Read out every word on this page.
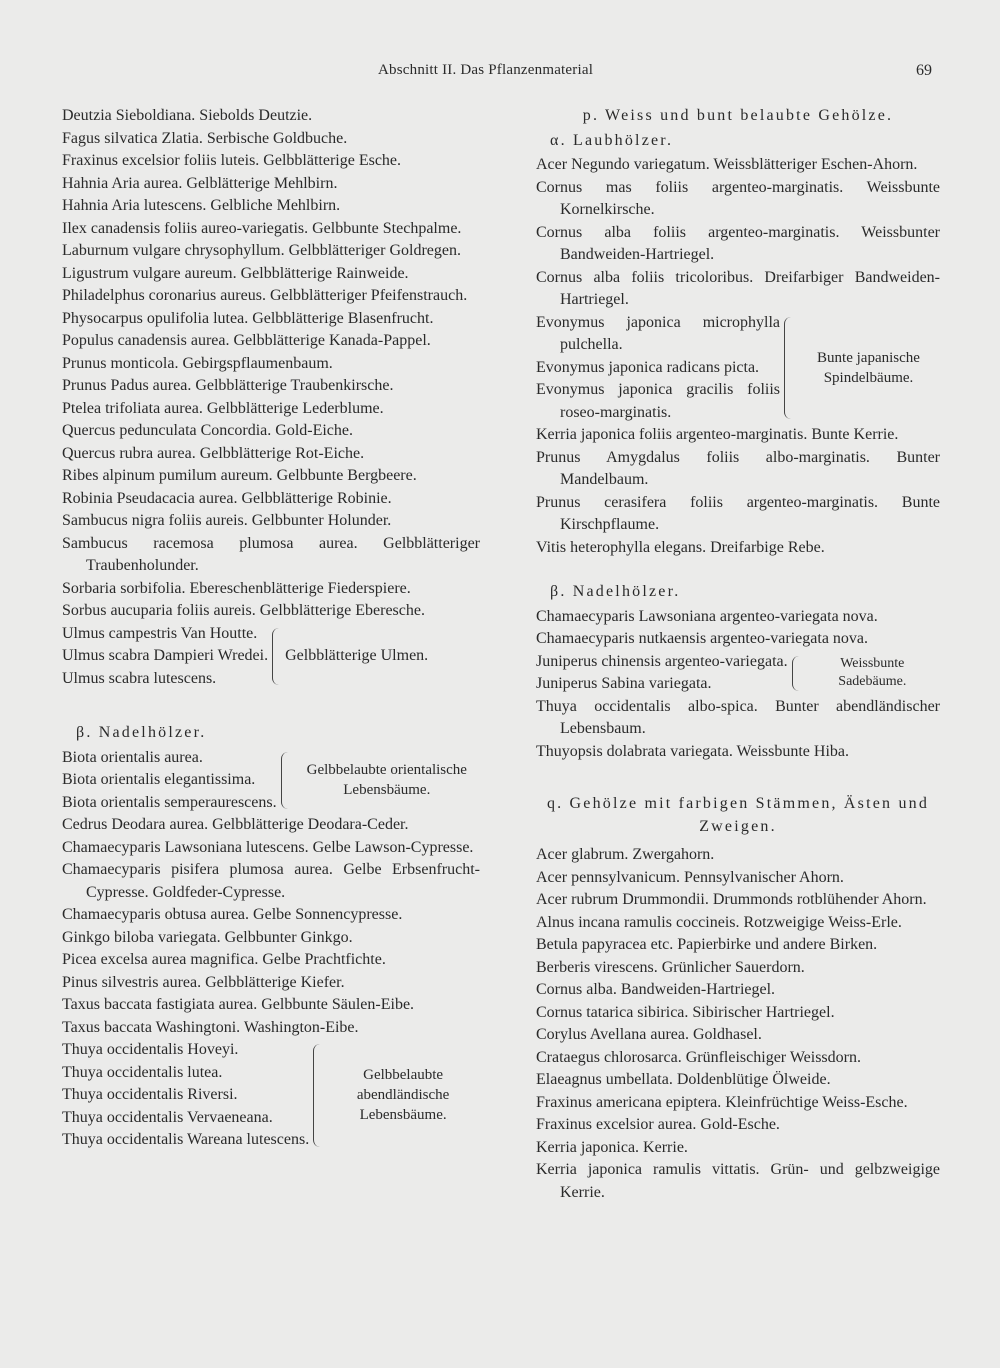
Abschnitt II. Das Pflanzenmaterial	69
Deutzia Sieboldiana. Siebolds Deutzie.
Fagus silvatica Zlatia. Serbische Goldbuche.
Fraxinus excelsior foliis luteis. Gelbblätterige Esche.
Hahnia Aria aurea. Gelblätterige Mehlbirn.
Hahnia Aria lutescens. Gelbliche Mehlbirn.
Ilex canadensis foliis aureo-variegatis. Gelbbunte Stechpalme.
Laburnum vulgare chrysophyllum. Gelbblätteriger Goldregen.
Ligustrum vulgare aureum. Gelbblätterige Rainweide.
Philadelphus coronarius aureus. Gelbblätteriger Pfeifenstrauch.
Physocarpus opulifolia lutea. Gelbblätterige Blasenfrucht.
Populus canadensis aurea. Gelbblätterige Kanada-Pappel.
Prunus monticola. Gebirgspflaumenbaum.
Prunus Padus aurea. Gelbblätterige Traubenkirsche.
Ptelea trifoliata aurea. Gelbblätterige Lederblume.
Quercus pedunculata Concordia. Gold-Eiche.
Quercus rubra aurea. Gelbblätterige Rot-Eiche.
Ribes alpinum pumilum aureum. Gelbbunte Bergbeere.
Robinia Pseudacacia aurea. Gelbblätterige Robinie.
Sambucus nigra foliis aureis. Gelbbunter Holunder.
Sambucus racemosa plumosa aurea. Gelbblätteriger Traubenholunder.
Sorbaria sorbifolia. Ebereschenblätterige Fiederspiere.
Sorbus aucuparia foliis aureis. Gelbblätterige Eberesche.
Ulmus campestris Van Houtte.
Ulmus scabra Dampieri Wredei.
Ulmus scabra lutescens.
Gelbblätterige Ulmen.
β. Nadelhölzer.
Biota orientalis aurea.
Biota orientalis elegantissima.
Biota orientalis semperaurescens.
Gelbbelaubte orientalische Lebensbäume.
Cedrus Deodara aurea. Gelbblätterige Deodara-Ceder.
Chamaecyparis Lawsoniana lutescens. Gelbe Lawson-Cypresse.
Chamaecyparis pisifera plumosa aurea. Gelbe Erbsenfrucht-Cypresse. Goldfeder-Cypresse.
Chamaecyparis obtusa aurea. Gelbe Sonnencypresse.
Ginkgo biloba variegata. Gelbbunter Ginkgo.
Picea excelsa aurea magnifica. Gelbe Prachtfichte.
Pinus silvestris aurea. Gelbblätterige Kiefer.
Taxus baccata fastigiata aurea. Gelbbunte Säulen-Eibe.
Taxus baccata Washingtoni. Washington-Eibe.
Thuya occidentalis Hoveyi.
Thuya occidentalis lutea.
Thuya occidentalis Riversi.
Thuya occidentalis Vervaeneana.
Thuya occidentalis Wareana lutescens.
Gelbbelaubte abendländische Lebensbäume.
p. Weiss und bunt belaubte Gehölze.
α. Laubhölzer.
Acer Negundo variegatum. Weissblätteriger Eschen-Ahorn.
Cornus mas foliis argenteo-marginatis. Weissbunte Kornelkirsche.
Cornus alba foliis argenteo-marginatis. Weissbunter Bandweiden-Hartriegel.
Cornus alba foliis tricoloribus. Dreifarbiger Bandweiden-Hartriegel.
Evonymus japonica microphylla pulchella.
Evonymus japonica radicans picta.
Evonymus japonica gracilis foliis roseo-marginatis.
Bunte japanische Spindelbäume.
Kerria japonica foliis argenteo-marginatis. Bunte Kerrie.
Prunus Amygdalus foliis albo-marginatis. Bunter Mandelbaum.
Prunus cerasifera foliis argenteo-marginatis. Bunte Kirschpflaume.
Vitis heterophylla elegans. Dreifarbige Rebe.
β. Nadelhölzer.
Chamaecyparis Lawsoniana argenteo-variegata nova.
Chamaecyparis nutkaensis argenteo-variegata nova.
Juniperus chinensis argenteo-variegata.
Juniperus Sabina variegata.
Weissbunte Sadebäume.
Thuya occidentalis albo-spica. Bunter abendländischer Lebensbaum.
Thuyopsis dolabrata variegata. Weissbunte Hiba.
q. Gehölze mit farbigen Stämmen, Ästen und Zweigen.
Acer glabrum. Zwergahorn.
Acer pennsylvanicum. Pennsylvanischer Ahorn.
Acer rubrum Drummondii. Drummonds rotblühender Ahorn.
Alnus incana ramulis coccineis. Rotzweigige Weiss-Erle.
Betula papyracea etc. Papierbirke und andere Birken.
Berberis virescens. Grünlicher Sauerdorn.
Cornus alba. Bandweiden-Hartriegel.
Cornus tatarica sibirica. Sibirischer Hartriegel.
Corylus Avellana aurea. Goldhasel.
Crataegus chlorosarca. Grünfleischiger Weissdorn.
Elaeagnus umbellata. Doldenblütige Ölweide.
Fraxinus americana epiptera. Kleinfrüchtige Weiss-Esche.
Fraxinus excelsior aurea. Gold-Esche.
Kerria japonica. Kerrie.
Kerria japonica ramulis vittatis. Grün- und gelbzweigige Kerrie.
